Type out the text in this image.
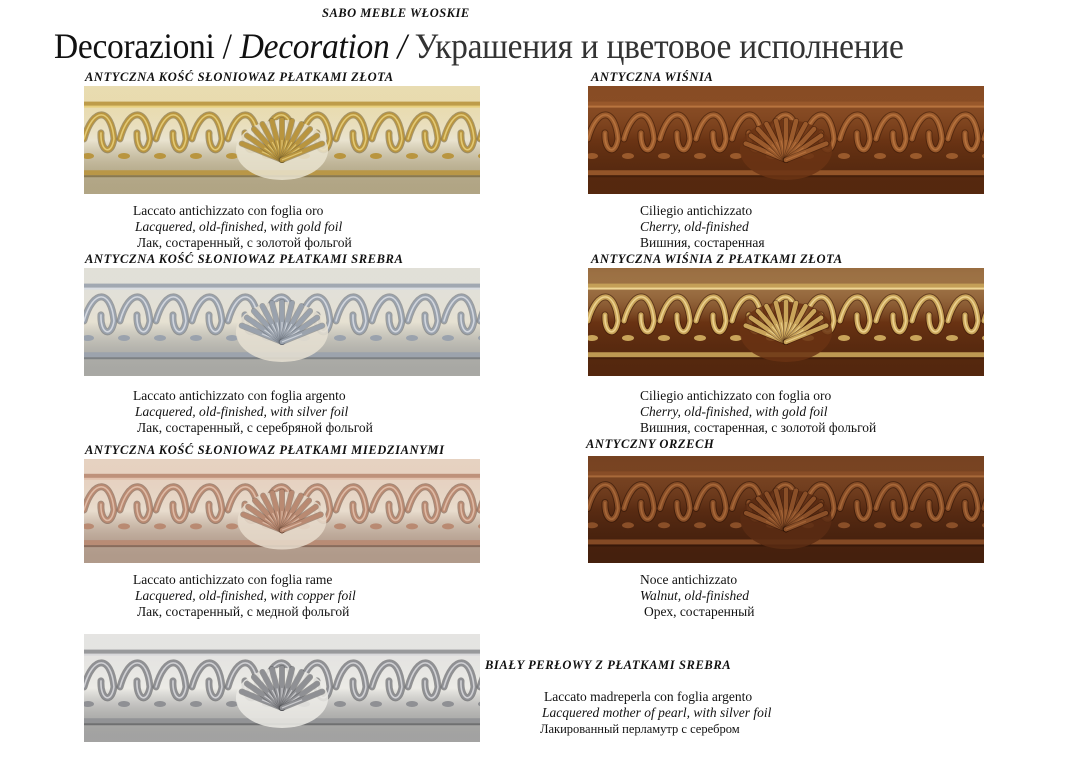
SABO MEBLE WŁOSKIE
Decorazioni / Decoration / Украшения и цветовое исполнение
ANTYCZNA KOŚĆ SŁONIOWAZ PŁATKAMI ZŁOTA
Laccato antichizzato con foglia oro
Lacquered, old-finished, with gold foil
Лак, состаренный, с золотой фольгой
ANTYCZNA WIŚNIA
Ciliegio antichizzato
Cherry, old-finished
Вишния, состаренная
ANTYCZNA KOŚĆ SŁONIOWAZ PŁATKAMI SREBRA
Laccato antichizzato con foglia argento
Lacquered, old-finished, with silver foil
Лак, состаренный, с серебряной фольгой
ANTYCZNA WIŚNIA Z PŁATKAMI ZŁOTA
Ciliegio antichizzato con foglia oro
Cherry, old-finished, with gold foil
Вишния, состаренная, с золотой фольгой
ANTYCZNA KOŚĆ SŁONIOWAZ PŁATKAMI MIEDZIANYMI
Laccato antichizzato con foglia rame
Lacquered, old-finished, with copper foil
Лак, состаренный, с медной фольгой
ANTYCZNY ORZECH
Noce antichizzato
Walnut, old-finished
Орех, состаренный
BIAŁY PERŁOWY Z PŁATKAMI SREBRA
Laccato madreperla con foglia argento
Lacquered mother of pearl, with silver foil
Лакированный перламутр с серебром
